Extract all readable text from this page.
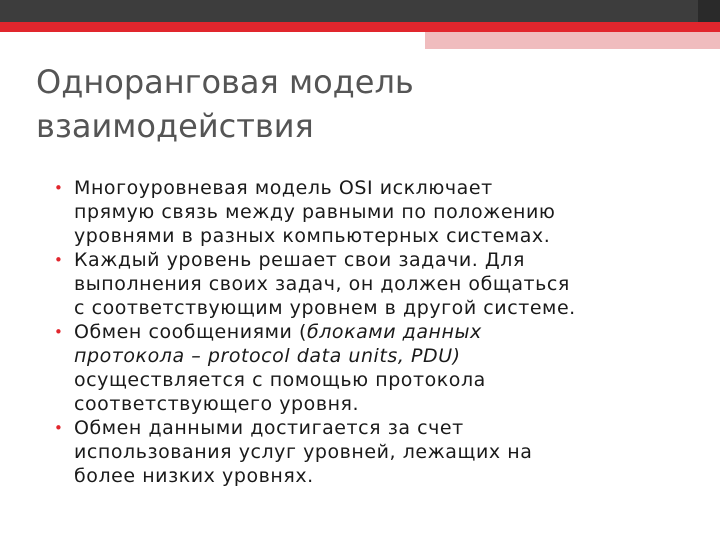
Одноранговая модель
взаимодействия
• Многоуровневая модель OSI исключает
прямую связь между равными по положению
уровнями в разных компьютерных системах.
• Каждый уровень решает свои задачи. Для
выполнения своих задач, он должен общаться
с соответствующим уровнем в другой системе.
• Обмен сообщениями (блоками данных
протокола – protocol data units, PDU)
осуществляется с помощью протокола
соответствующего уровня.
• Обмен данными достигается за счет
использования услуг уровней, лежащих на
более низких уровнях.
